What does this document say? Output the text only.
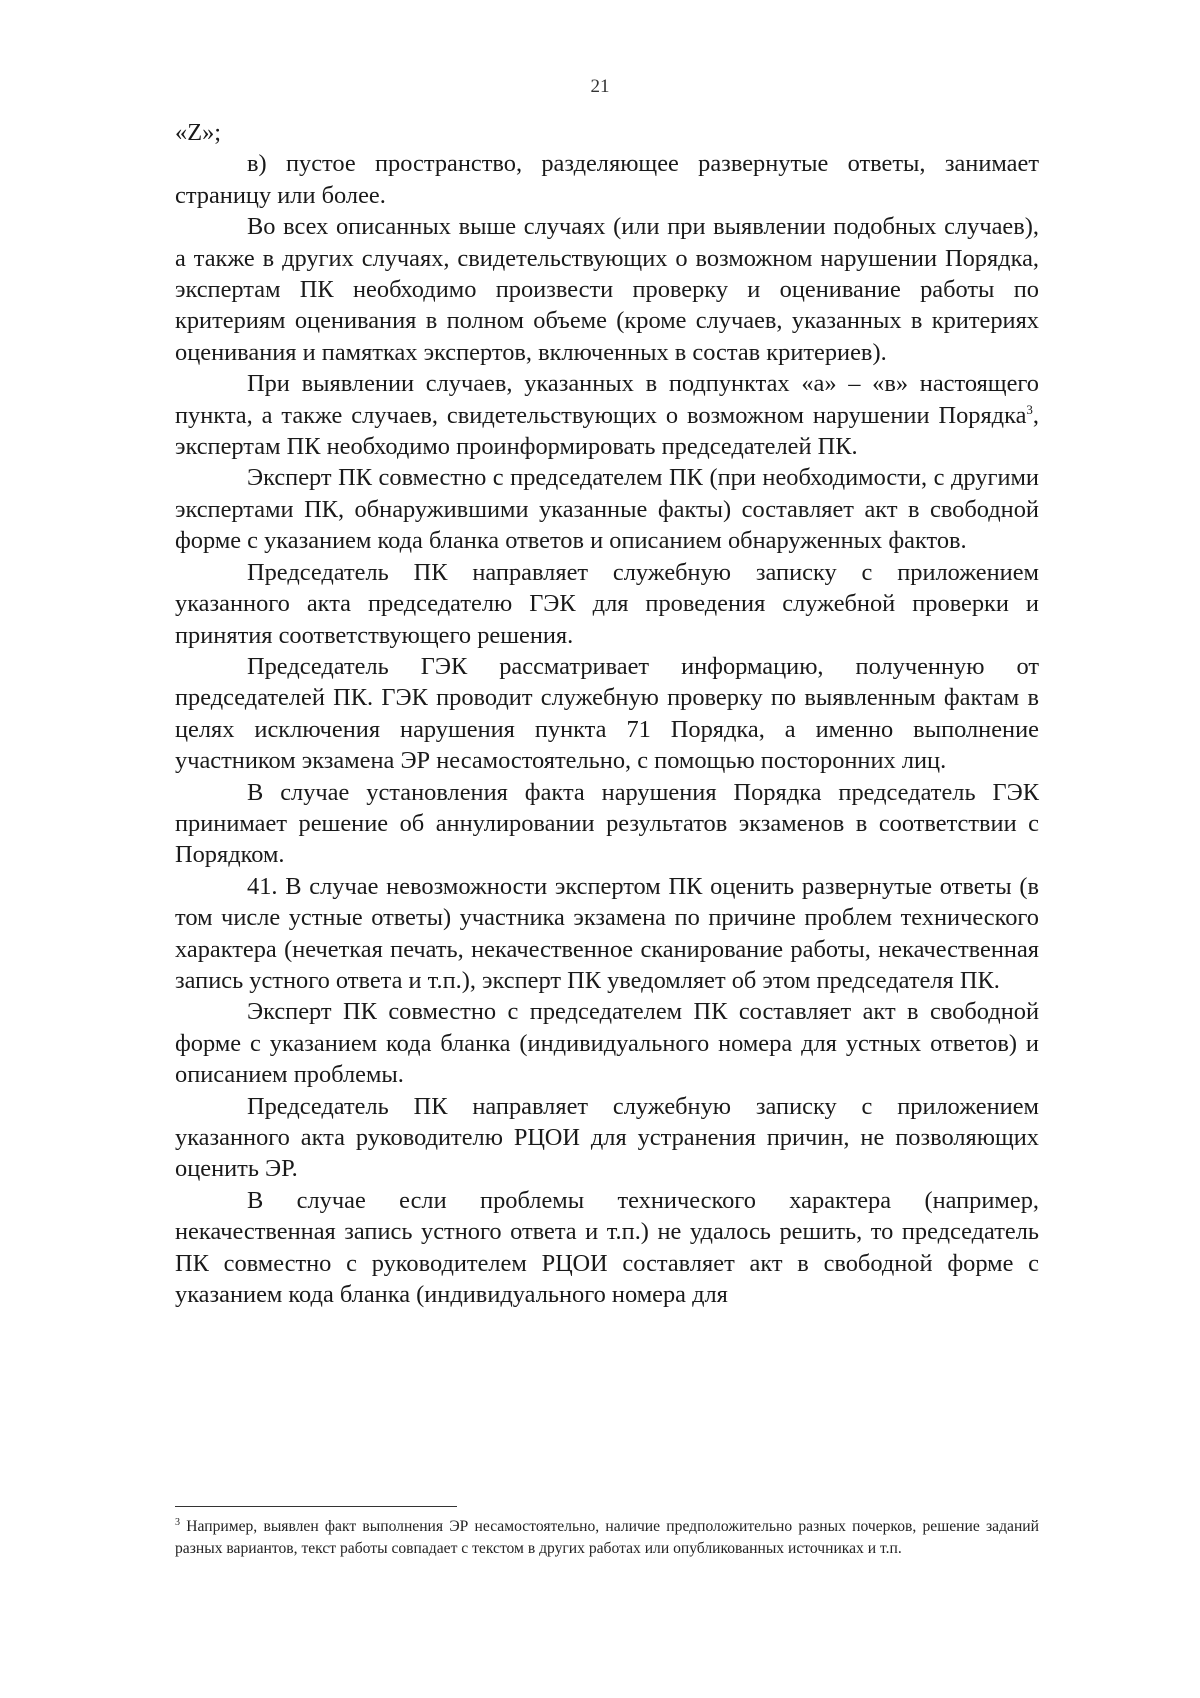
21

«Z»;

в) пустое пространство, разделяющее развернутые ответы, занимает страницу или более.

Во всех описанных выше случаях (или при выявлении подобных случаев), а также в других случаях, свидетельствующих о возможном нарушении Порядка, экспертам ПК необходимо произвести проверку и оценивание работы по критериям оценивания в полном объеме (кроме случаев, указанных в критериях оценивания и памятках экспертов, включенных в состав критериев).

При выявлении случаев, указанных в подпунктах «а» – «в» настоящего пункта, а также случаев, свидетельствующих о возможном нарушении Порядка$^3$, экспертам ПК необходимо проинформировать председателей ПК.

Эксперт ПК совместно с председателем ПК (при необходимости, с другими экспертами ПК, обнаружившими указанные факты) составляет акт в свободной форме с указанием кода бланка ответов и описанием обнаруженных фактов.

Председатель ПК направляет служебную записку с приложением указанного акта председателю ГЭК для проведения служебной проверки и принятия соответствующего решения.

Председатель ГЭК рассматривает информацию, полученную от председателей ПК. ГЭК проводит служебную проверку по выявленным фактам в целях исключения нарушения пункта 71 Порядка, а именно выполнение участником экзамена ЭР несамостоятельно, с помощью посторонних лиц.

В случае установления факта нарушения Порядка председатель ГЭК принимает решение об аннулировании результатов экзаменов в соответствии с Порядком.

41. В случае невозможности экспертом ПК оценить развернутые ответы (в том числе устные ответы) участника экзамена по причине проблем технического характера (нечеткая печать, некачественное сканирование работы, некачественная запись устного ответа и т.п.), эксперт ПК уведомляет об этом председателя ПК.

Эксперт ПК совместно с председателем ПК составляет акт в свободной форме с указанием кода бланка (индивидуального номера для устных ответов) и описанием проблемы.

Председатель ПК направляет служебную записку с приложением указанного акта руководителю РЦОИ для устранения причин, не позволяющих оценить ЭР.

В случае если проблемы технического характера (например, некачественная запись устного ответа и т.п.) не удалось решить, то председатель ПК совместно с руководителем РЦОИ составляет акт в свободной форме с указанием кода бланка (индивидуального номера для

$^3$ Например, выявлен факт выполнения ЭР несамостоятельно, наличие предположительно разных почерков, решение заданий разных вариантов, текст работы совпадает с текстом в других работах или опубликованных источниках и т.п.
